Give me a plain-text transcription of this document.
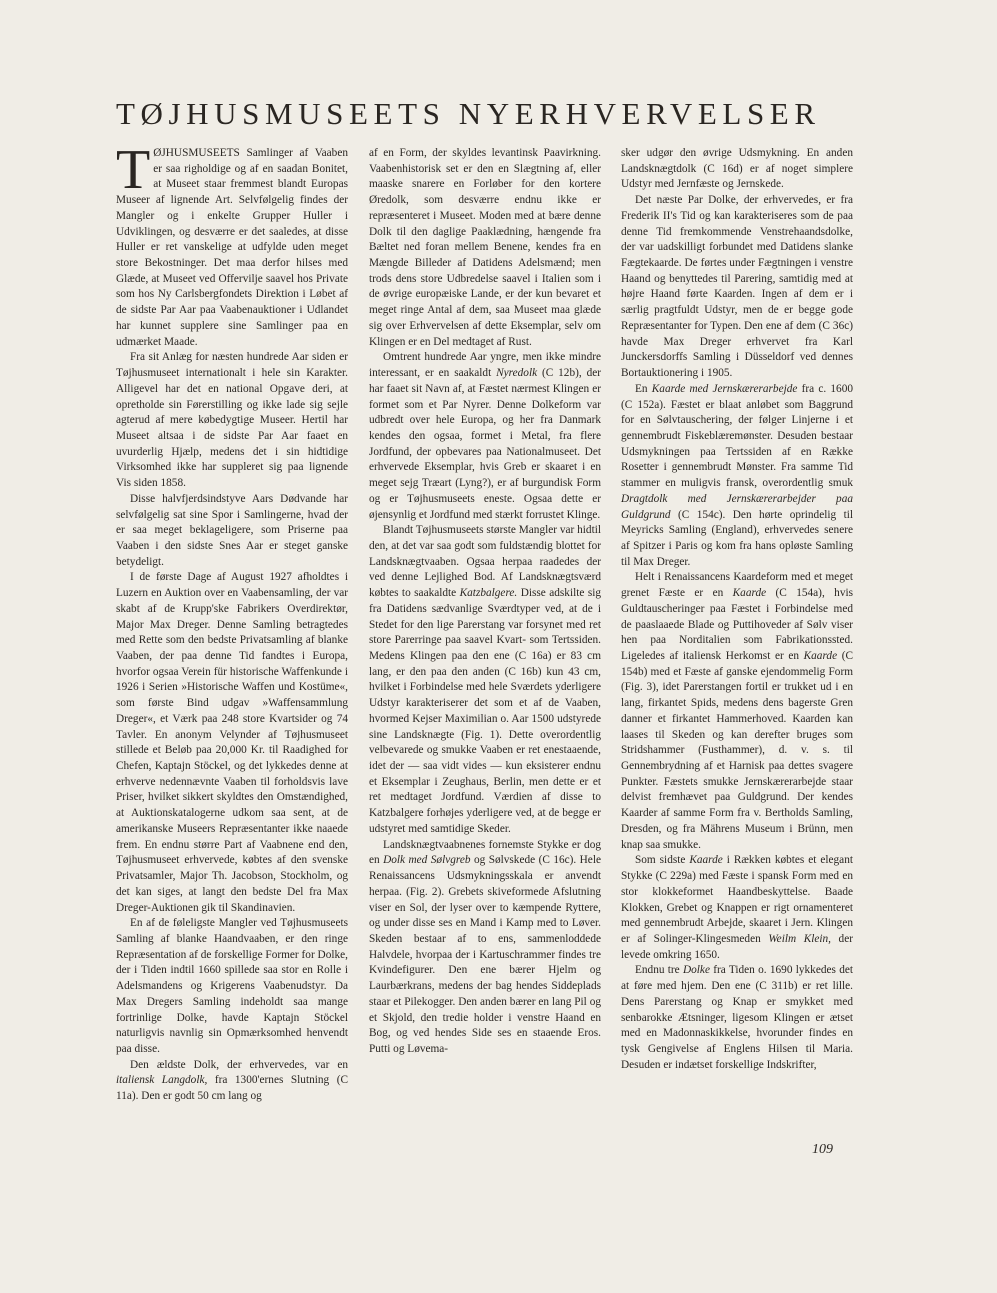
TØJHUSMUSEETS NYERHVERVELSER

TØJHUSMUSEETS Samlinger af Vaaben er saa righoldige og af en saadan Bonitet, at Museet staar fremmest blandt Europas Museer af lignende Art. Selvfølgelig findes der Mangler og i enkelte Grupper Huller i Udviklingen, og desværre er det saaledes, at disse Huller er ret vanskelige at udfylde uden meget store Bekostninger. Det maa derfor hilses med Glæde, at Museet ved Offervilje saavel hos Private som hos Ny Carlsbergfondets Direktion i Løbet af de sidste Par Aar paa Vaabenauktioner i Udlandet har kunnet supplere sine Samlinger paa en udmærket Maade.

Fra sit Anlæg for næsten hundrede Aar siden er Tøjhusmuseet internationalt i hele sin Karakter. Alligevel har det en national Opgave deri, at opretholde sin Førerstilling og ikke lade sig sejle agterud af mere købedygtige Museer. Hertil har Museet altsaa i de sidste Par Aar faaet en uvurderlig Hjælp, medens det i sin hidtidige Virksomhed ikke har suppleret sig paa lignende Vis siden 1858.

Disse halvfjerdsindstyve Aars Dødvande har selvfølgelig sat sine Spor i Samlingerne, hvad der er saa meget beklageligere, som Priserne paa Vaaben i den sidste Snes Aar er steget ganske betydeligt.

I de første Dage af August 1927 afholdtes i Luzern en Auktion over en Vaabensamling, der var skabt af de Krupp'ske Fabrikers Overdirektør, Major Max Dreger. Denne Samling betragtedes med Rette som den bedste Privatsamling af blanke Vaaben, der paa denne Tid fandtes i Europa, hvorfor ogsaa Verein für historische Waffenkunde i 1926 i Serien »Historische Waffen und Kostüme«, som første Bind udgav »Waffensammlung Dreger«, et Værk paa 248 store Kvartsider og 74 Tavler. En anonym Velynder af Tøjhusmuseet stillede et Beløb paa 20,000 Kr. til Raadighed for Chefen, Kaptajn Stöckel, og det lykkedes denne at erhverve nedennævnte Vaaben til forholdsvis lave Priser, hvilket sikkert skyldtes den Omstændighed, at Auktionskatalogerne udkom saa sent, at de amerikanske Museers Repræsentanter ikke naaede frem. En endnu større Part af Vaabnene end den, Tøjhusmuseet erhvervede, købtes af den svenske Privatsamler, Major Th. Jacobson, Stockholm, og det kan siges, at langt den bedste Del fra Max Dreger-Auktionen gik til Skandinavien.

En af de føleligste Mangler ved Tøjhusmuseets Samling af blanke Haandvaaben, er den ringe Repræsentation af de forskellige Former for Dolke, der i Tiden indtil 1660 spillede saa stor en Rolle i Adelsmandens og Krigerens Vaabenudstyr. Da Max Dregers Samling indeholdt saa mange fortrinlige Dolke, havde Kaptajn Stöckel naturligvis navnlig sin Opmærksomhed henvendt paa disse.

Den ældste Dolk, der erhvervedes, var en italiensk Langdolk, fra 1300'ernes Slutning (C 11a). Den er godt 50 cm lang og

af en Form, der skyldes levantinsk Paavirkning. Vaabenhistorisk set er den en Slægtning af, eller maaske snarere en Forløber for den kortere Øredolk, som desværre endnu ikke er repræsenteret i Museet. Moden med at bære denne Dolk til den daglige Paaklædning, hængende fra Bæltet ned foran mellem Benene, kendes fra en Mængde Billeder af Datidens Adelsmænd; men trods dens store Udbredelse saavel i Italien som i de øvrige europæiske Lande, er der kun bevaret et meget ringe Antal af dem, saa Museet maa glæde sig over Erhvervelsen af dette Eksemplar, selv om Klingen er en Del medtaget af Rust.

Omtrent hundrede Aar yngre, men ikke mindre interessant, er en saakaldt Nyredolk (C 12b), der har faaet sit Navn af, at Fæstet nærmest Klingen er formet som et Par Nyrer. Denne Dolkeform var udbredt over hele Europa, og her fra Danmark kendes den ogsaa, formet i Metal, fra flere Jordfund, der opbevares paa Nationalmuseet. Det erhvervede Eksemplar, hvis Greb er skaaret i en meget sejg Træart (Lyng?), er af burgundisk Form og er Tøjhusmuseets eneste. Ogsaa dette er øjensynlig et Jordfund med stærkt forrustet Klinge.

Blandt Tøjhusmuseets største Mangler var hidtil den, at det var saa godt som fuldstændig blottet for Landsknægtvaaben. Ogsaa herpaa raadedes der ved denne Lejlighed Bod. Af Landsknægtsværd købtes to saakaldte Katzbalgere. Disse adskilte sig fra Datidens sædvanlige Sværdtyper ved, at de i Stedet for den lige Parerstang var forsynet med ret store Parerringe paa saavel Kvart- som Tertssiden. Medens Klingen paa den ene (C 16a) er 83 cm lang, er den paa den anden (C 16b) kun 43 cm, hvilket i Forbindelse med hele Sværdets yderligere Udstyr karakteriserer det som et af de Vaaben, hvormed Kejser Maximilian o. Aar 1500 udstyrede sine Landsknægte (Fig. 1). Dette overordentlig velbevarede og smukke Vaaben er ret enestaaende, idet der — saa vidt vides — kun eksisterer endnu et Eksemplar i Zeughaus, Berlin, men dette er et ret medtaget Jordfund. Værdien af disse to Katzbalgere forhøjes yderligere ved, at de begge er udstyret med samtidige Skeder.

Landsknægtvaabnenes fornemste Stykke er dog en Dolk med Sølvgreb og Sølvskede (C 16c). Hele Renaissancens Udsmykningsskala er anvendt herpaa. (Fig. 2). Grebets skiveformede Afslutning viser en Sol, der lyser over to kæmpende Ryttere, og under disse ses en Mand i Kamp med to Løver. Skeden bestaar af to ens, sammenloddede Halvdele, hvorpaa der i Kartuschrammer findes tre Kvindefigurer. Den ene bærer Hjelm og Laurbærkrans, medens der bag hendes Siddeplads staar et Pilekogger. Den anden bærer en lang Pil og et Skjold, den tredie holder i venstre Haand en Bog, og ved hendes Side ses en staaende Eros. Putti og Løvema-

sker udgør den øvrige Udsmykning. En anden Landsknægtdolk (C 16d) er af noget simplere Udstyr med Jernfæste og Jernskede.

Det næste Par Dolke, der erhvervedes, er fra Frederik II's Tid og kan karakteriseres som de paa denne Tid fremkommende Venstrehaandsdolke, der var uadskilligt forbundet med Datidens slanke Fægtekaarde. De førtes under Fægtningen i venstre Haand og benyttedes til Parering, samtidig med at højre Haand førte Kaarden. Ingen af dem er i særlig pragtfuldt Udstyr, men de er begge gode Repræsentanter for Typen. Den ene af dem (C 36c) havde Max Dreger erhvervet fra Karl Junckersdorffs Samling i Düsseldorf ved dennes Bortauktionering i 1905.

En Kaarde med Jernskærerarbejde fra c. 1600 (C 152a). Fæstet er blaat anløbet som Baggrund for en Sølvtauschering, der følger Linjerne i et gennembrudt Fiskeblæremønster. Desuden bestaar Udsmykningen paa Tertssiden af en Række Rosetter i gennembrudt Mønster. Fra samme Tid stammer en muligvis fransk, overordentlig smuk Dragtdolk med Jernskærerarbejder paa Guldgrund (C 154c). Den hørte oprindelig til Meyricks Samling (England), erhvervedes senere af Spitzer i Paris og kom fra hans opløste Samling til Max Dreger.

Helt i Renaissancens Kaardeform med et meget grenet Fæste er en Kaarde (C 154a), hvis Guldtauscheringer paa Fæstet i Forbindelse med de paaslaaede Blade og Puttihoveder af Sølv viser hen paa Norditalien som Fabrikationssted. Ligeledes af italiensk Herkomst er en Kaarde (C 154b) med et Fæste af ganske ejendommelig Form (Fig. 3), idet Parerstangen fortil er trukket ud i en lang, firkantet Spids, medens dens bagerste Gren danner et firkantet Hammerhoved. Kaarden kan laases til Skeden og kan derefter bruges som Stridshammer (Fusthammer), d. v. s. til Gennembrydning af et Harnisk paa dettes svagere Punkter. Fæstets smukke Jernskærerarbejde staar delvist fremhævet paa Guldgrund. Der kendes Kaarder af samme Form fra v. Bertholds Samling, Dresden, og fra Mährens Museum i Brünn, men knap saa smukke.

Som sidste Kaarde i Rækken købtes et elegant Stykke (C 229a) med Fæste i spansk Form med en stor klokkeformet Haandbeskyttelse. Baade Klokken, Grebet og Knappen er rigt ornamenteret med gennembrudt Arbejde, skaaret i Jern. Klingen er af Solinger-Klingesmeden Weilm Klein, der levede omkring 1650.

Endnu tre Dolke fra Tiden o. 1690 lykkedes det at føre med hjem. Den ene (C 311b) er ret lille. Dens Parerstang og Knap er smykket med senbarokke Ætsninger, ligesom Klingen er ætset med en Madonnaskikkelse, hvorunder findes en tysk Gengivelse af Englens Hilsen til Maria. Desuden er indætset forskellige Indskrifter,

109
